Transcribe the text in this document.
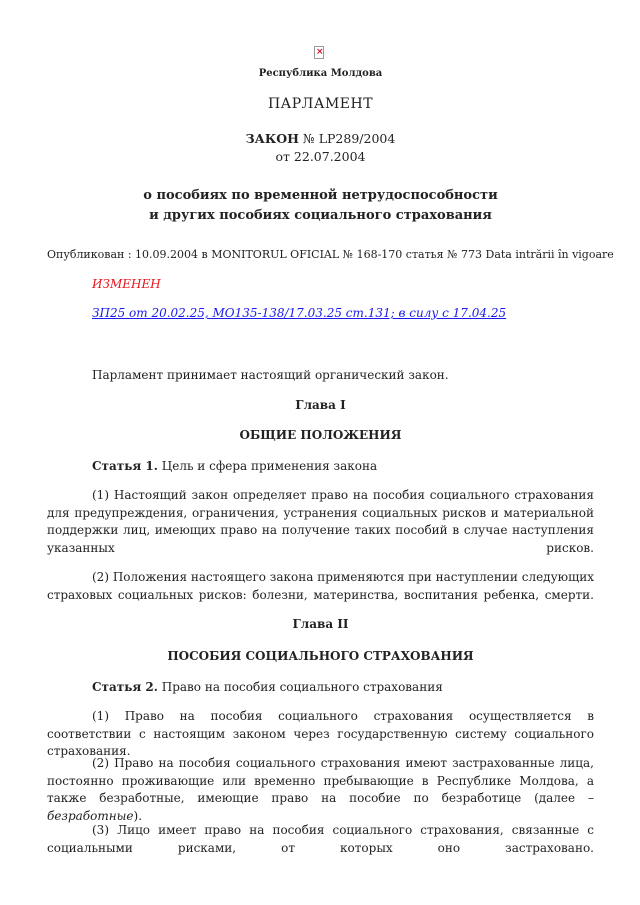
×
Республика Молдова
ПАРЛАМЕНТ
ЗАКОН № LP289/2004
от 22.07.2004
о пособиях по временной нетрудоспособности
и других пособиях социального страхования
Опубликован : 10.09.2004 в MONITORUL OFICIAL № 168-170 статья № 773 Data intrării în vigoare
ИЗМЕНЕН
ЗП25 от 20.02.25, MO135-138/17.03.25 ст.131; в силу с 17.04.25
Парламент принимает настоящий органический закон.
Глава I
ОБЩИЕ ПОЛОЖЕНИЯ
Статья 1. Цель и сфера применения закона
(1) Настоящий закон определяет право на пособия социального страхования для предупреждения, ограничения, устранения социальных рисков и материальной поддержки лиц, имеющих право на получение таких пособий в случае наступления указанных рисков.
(2) Положения настоящего закона применяются при наступлении следующих страховых социальных рисков: болезни, материнства, воспитания ребенка, смерти.
Глава II
ПОСОБИЯ СОЦИАЛЬНОГО СТРАХОВАНИЯ
Статья 2. Право на пособия социального страхования
(1) Право на пособия социального страхования осуществляется в соответствии с настоящим законом через государственную систему социального страхования.
(2) Право на пособия социального страхования имеют застрахованные лица, постоянно проживающие или временно пребывающие в Республике Молдова, а также безработные, имеющие право на пособие по безработице (далее – безработные).
(3) Лицо имеет право на пособия социального страхования, связанные с социальными рисками, от которых оно застраховано.
